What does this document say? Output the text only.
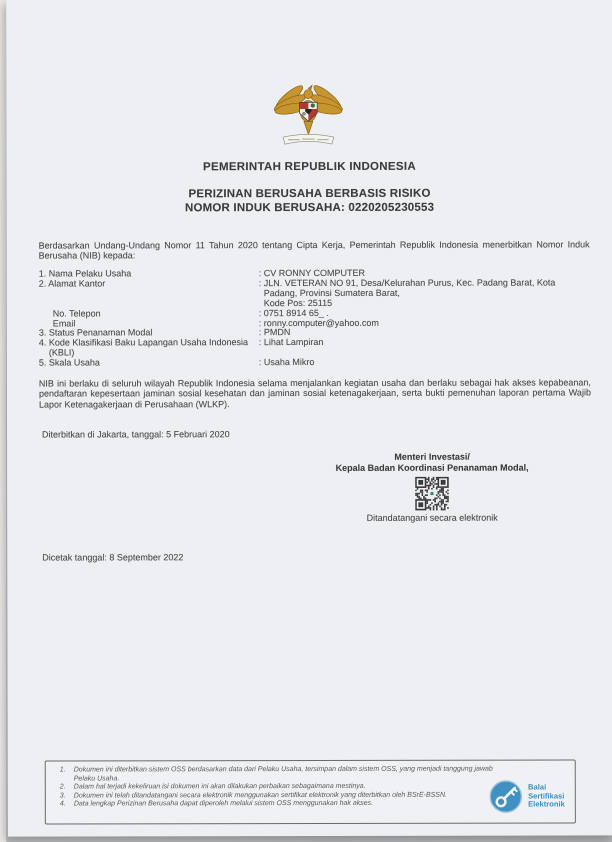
PEMERINTAH REPUBLIK INDONESIA
PERIZINAN BERUSAHA BERBASIS RISIKO
NOMOR INDUK BERUSAHA: 0220205230553
Berdasarkan Undang-Undang Nomor 11 Tahun 2020 tentang Cipta Kerja, Pemerintah Republik Indonesia menerbitkan Nomor Induk Berusaha (NIB) kepada:
1. Nama Pelaku Usaha	: CV RONNY COMPUTER
2. Alamat Kantor	: JLN. VETERAN NO 91, Desa/Kelurahan Purus, Kec. Padang Barat, Kota
Padang, Provinsi Sumatera Barat,
Kode Pos: 25115
No. Telepon	: 0751 8914 65_ .
Email	: ronny.computer@yahoo.com
3. Status Penanaman Modal	: PMDN
4. Kode Klasifikasi Baku Lapangan Usaha Indonesia
(KBLI)
: Lihat Lampiran
5. Skala Usaha	: Usaha Mikro
NIB ini berlaku di seluruh wilayah Republik Indonesia selama menjalankan kegiatan usaha dan berlaku sebagai hak akses kepabeanan, pendaftaran kepesertaan jaminan sosial kesehatan dan jaminan sosial ketenagakerjaan, serta bukti pemenuhan laporan pertama Wajib Lapor Ketenagakerjaan di Perusahaan (WLKP).
Diterbitkan di Jakarta, tanggal: 5 Februari 2020
Menteri Investasi/
Kepala Badan Koordinasi Penanaman Modal,
Ditandatangani secara elektronik
Dicetak tanggal: 8 September 2022
1.	Dokumen ini diterbitkan sistem OSS berdasarkan data dari Pelaku Usaha, tersimpan dalam sistem OSS, yang menjadi tanggung jawab Pelaku Usaha.
2.	Dalam hal terjadi kekeliruan isi dokumen ini akan dilakukan perbaikan sebagaimana mestinya.
3.	Dokumen ini telah ditandatangani secara elektronik menggunakan sertifikat elektronik yang diterbitkan oleh BSrE-BSSN.
4.	Data lengkap Perizinan Berusaha dapat diperoleh melalui sistem OSS menggunakan hak akses.
Balai
Sertifikasi
Elektronik
